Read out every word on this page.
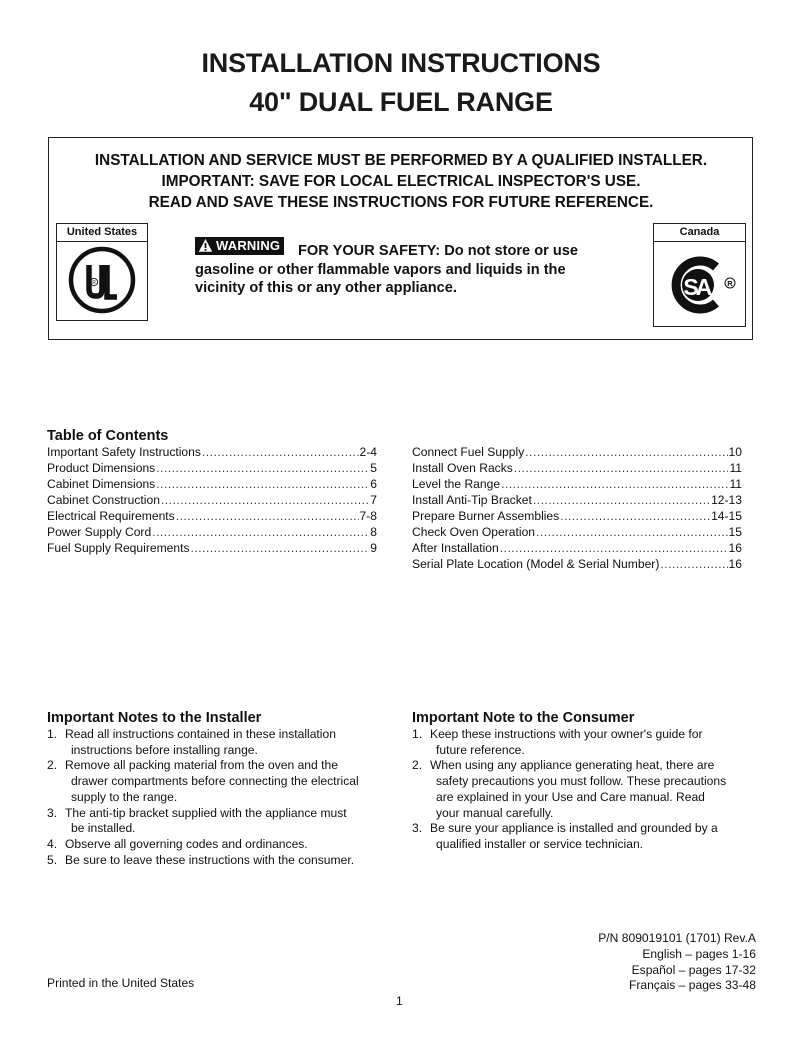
INSTALLATION INSTRUCTIONS
40" DUAL FUEL RANGE
INSTALLATION AND SERVICE MUST BE PERFORMED BY A QUALIFIED INSTALLER.
IMPORTANT: SAVE FOR LOCAL ELECTRICAL INSPECTOR'S USE.
READ AND SAVE THESE INSTRUCTIONS FOR FUTURE REFERENCE.
United States
R
Canada
S
A R
WARNING FOR YOUR SAFETY: Do not store or use
gasoline or other flammable vapors and liquids in the
vicinity of this or any other appliance.
Table of Contents
Important Safety Instructions .....	2-4
Product Dimensions .....	5
Cabinet Dimensions .....	6
Cabinet Construction .....	7
Electrical Requirements .....	7-8
Power Supply Cord .....	8
Fuel Supply Requirements .....	9
Connect Fuel Supply .....	10
Install Oven Racks .....	11
Level the Range .....	11
Install Anti-Tip Bracket .....	12-13
Prepare Burner Assemblies .....	14-15
Check Oven Operation .....	15
After Installation .....	16
Serial Plate Location (Model & Serial Number) .....	16
Important Notes to the Installer
1. Read all instructions contained in these installation
instructions before installing range.
2. Remove all packing material from the oven and the
drawer compartments before connecting the electrical
supply to the range.
3. The anti-tip bracket supplied with the appliance must
be installed.
4. Observe all governing codes and ordinances.
5. Be sure to leave these instructions with the consumer.
Important Note to the Consumer
1. Keep these instructions with your owner's guide for
future reference.
2. When using any appliance generating heat, there are
safety precautions you must follow. These precautions
are explained in your Use and Care manual. Read
your manual carefully.
3. Be sure your appliance is installed and grounded by a
qualified installer or service technician.
P/N 809019101 (1701) Rev.A
English – pages 1-16
Español – pages 17-32
Français – pages 33-48
Printed in the United States
1
